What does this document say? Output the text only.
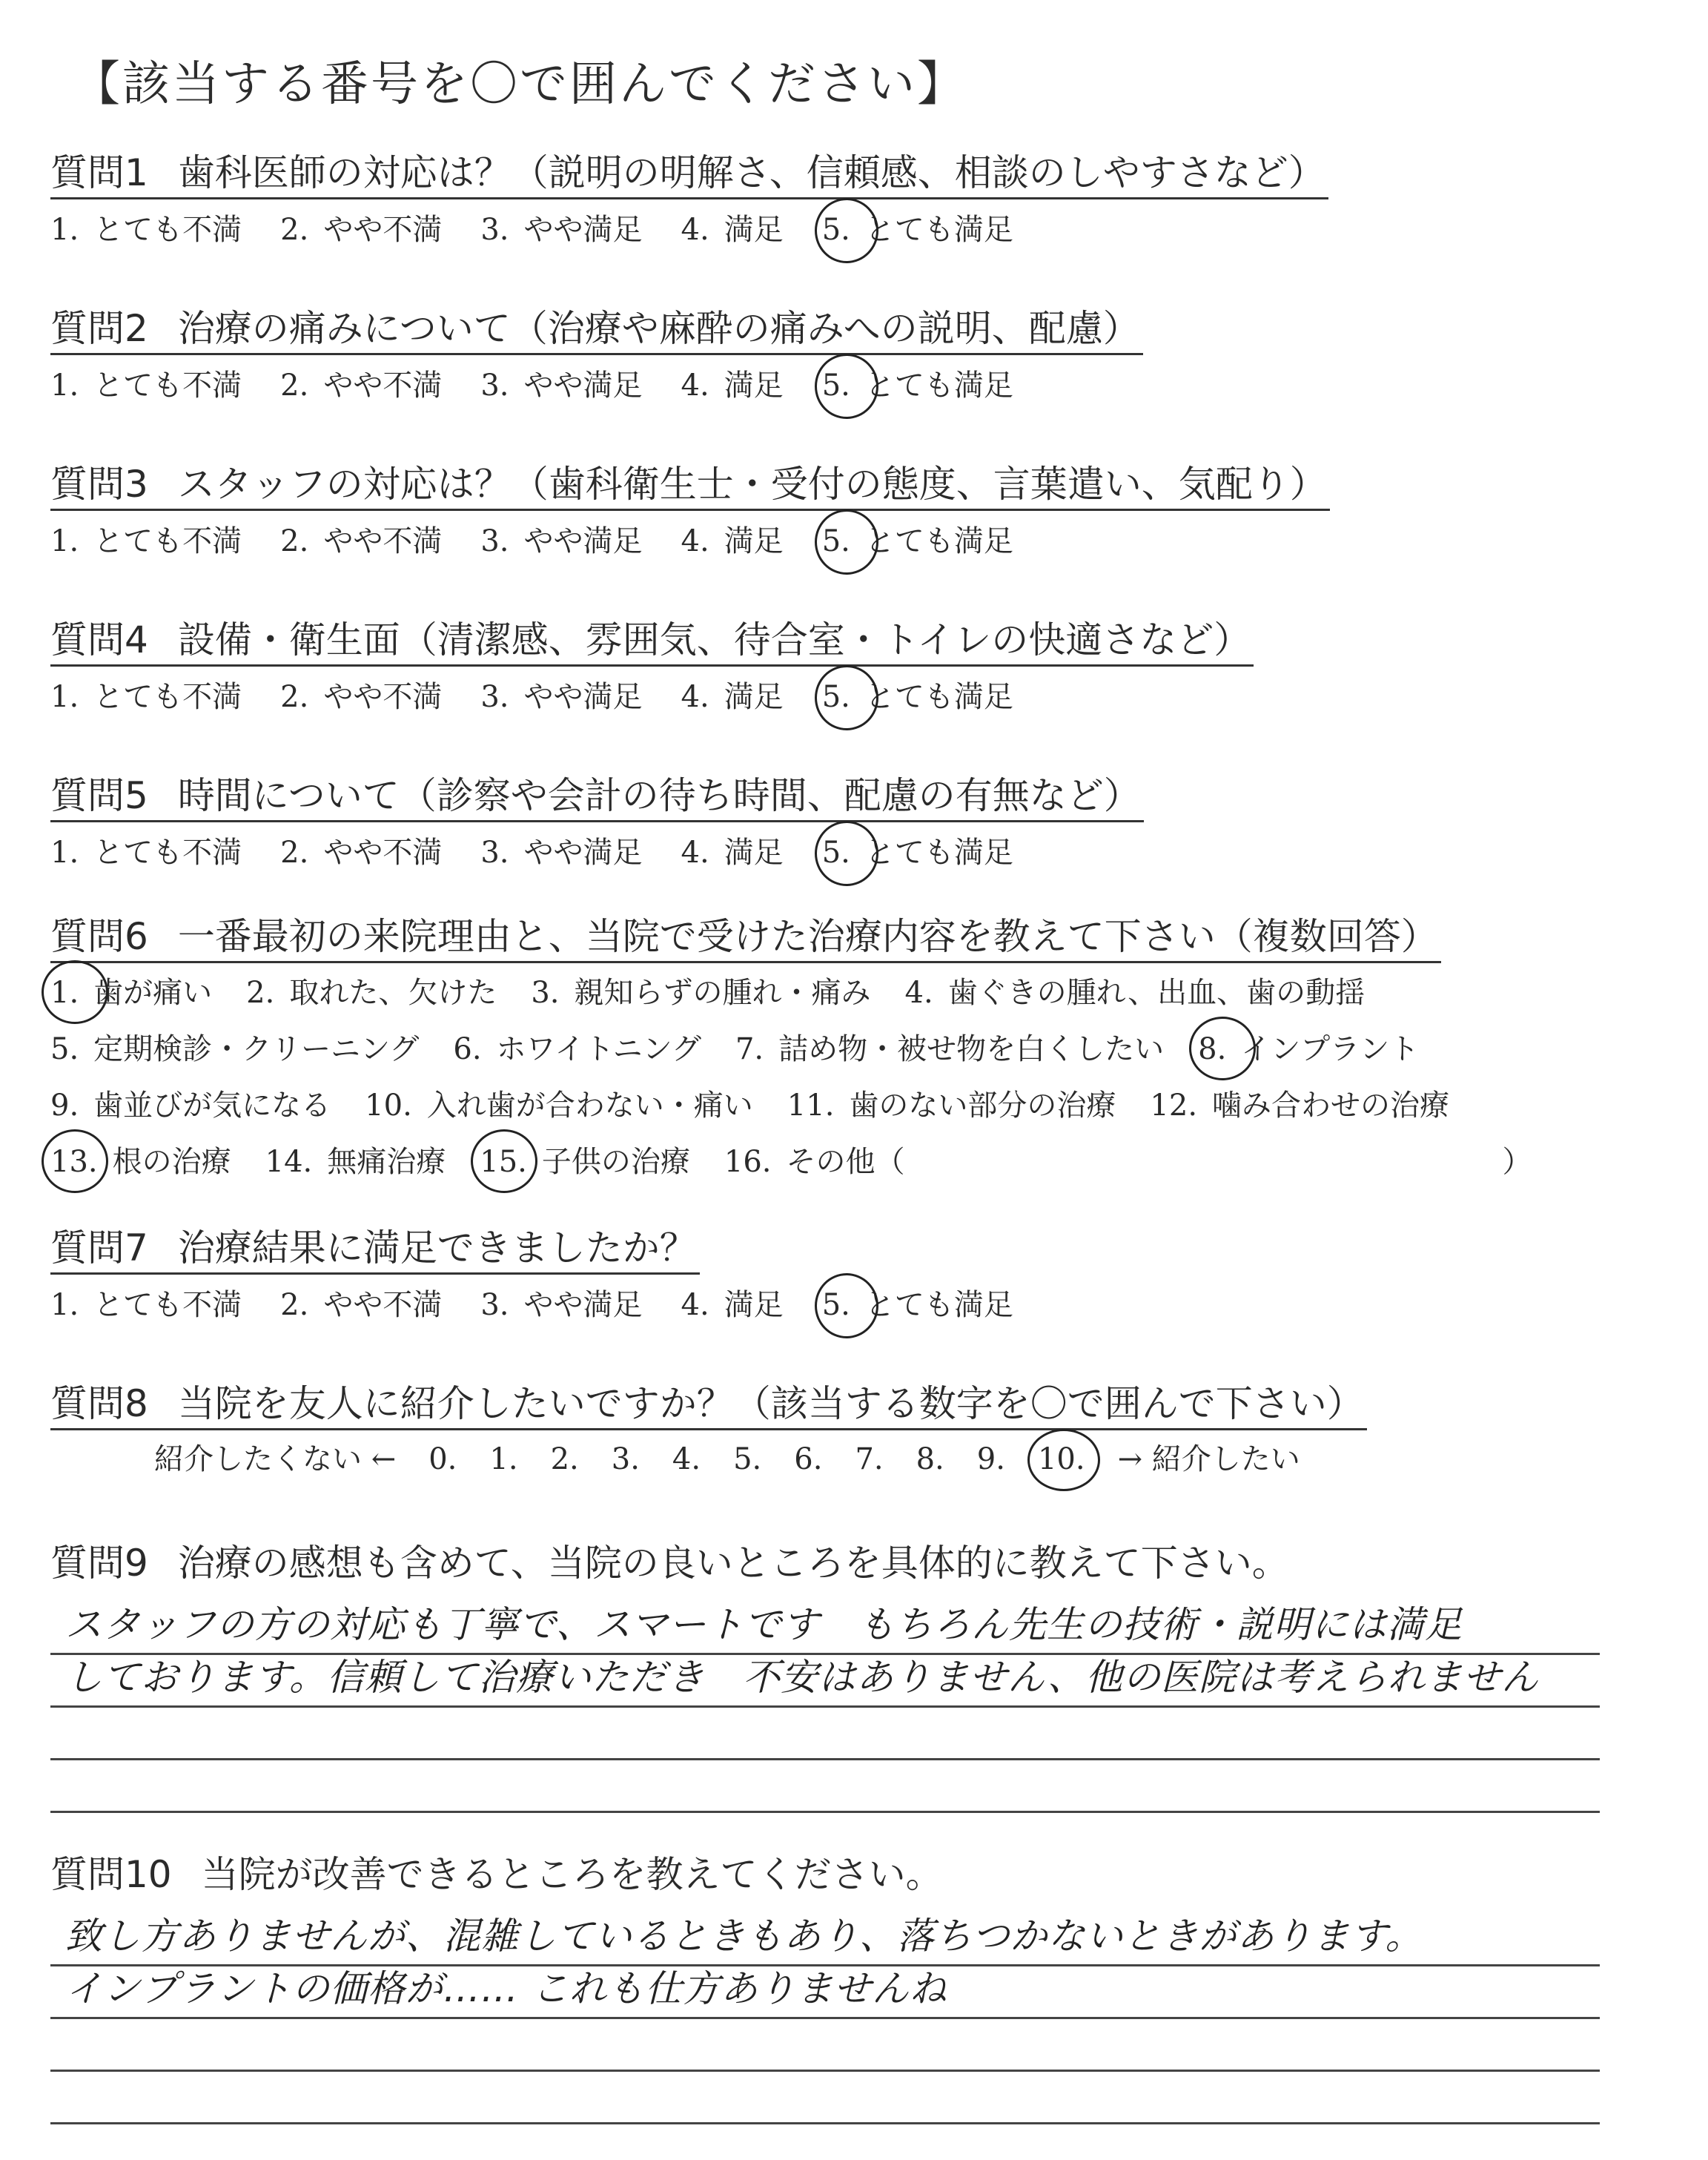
【該当する番号を〇で囲んでください】
質問1 歯科医師の対応は？（説明の明解さ、信頼感、相談のしやすさなど）
1. とても不満 2. やや不満 3. やや満足 4. 満足 5. とても満足
質問2 治療の痛みについて（治療や麻酔の痛みへの説明、配慮）
1. とても不満 2. やや不満 3. やや満足 4. 満足 5. とても満足
質問3 スタッフの対応は？（歯科衛生士・受付の態度、言葉遣い、気配り）
1. とても不満 2. やや不満 3. やや満足 4. 満足 5. とても満足
質問4 設備・衛生面（清潔感、雰囲気、待合室・トイレの快適さなど）
1. とても不満 2. やや不満 3. やや満足 4. 満足 5. とても満足
質問5 時間について（診察や会計の待ち時間、配慮の有無など）
1. とても不満 2. やや不満 3. やや満足 4. 満足 5. とても満足
質問6 一番最初の来院理由と、当院で受けた治療内容を教えて下さい（複数回答）
1. 歯が痛い 2. 取れた、欠けた 3. 親知らずの腫れ・痛み 4. 歯ぐきの腫れ、出血、歯の動揺
5. 定期検診・クリーニング 6. ホワイトニング 7. 詰め物・被せ物を白くしたい 8. インプラント
9. 歯並びが気になる 10. 入れ歯が合わない・痛い 11. 歯のない部分の治療 12. 噛み合わせの治療
13. 根の治療 14. 無痛治療 15. 子供の治療 16. その他（	）
質問7 治療結果に満足できましたか？
1. とても不満 2. やや不満 3. やや満足 4. 満足 5. とても満足
質問8 当院を友人に紹介したいですか？（該当する数字を〇で囲んで下さい）
紹介したくない ← 0. 1. 2. 3. 4. 5. 6. 7. 8. 9. 10. → 紹介したい
質問9 治療の感想も含めて、当院の良いところを具体的に教えて下さい。
スタッフの方の対応も丁寧で、スマートです　もちろん先生の技術・説明には満足
しております。信頼して治療いただき　不安はありません、他の医院は考えられません
質問10 当院が改善できるところを教えてください。
致し方ありませんが、混雑しているときもあり、落ちつかないときがあります。
インプラントの価格が…… これも仕方ありませんね
